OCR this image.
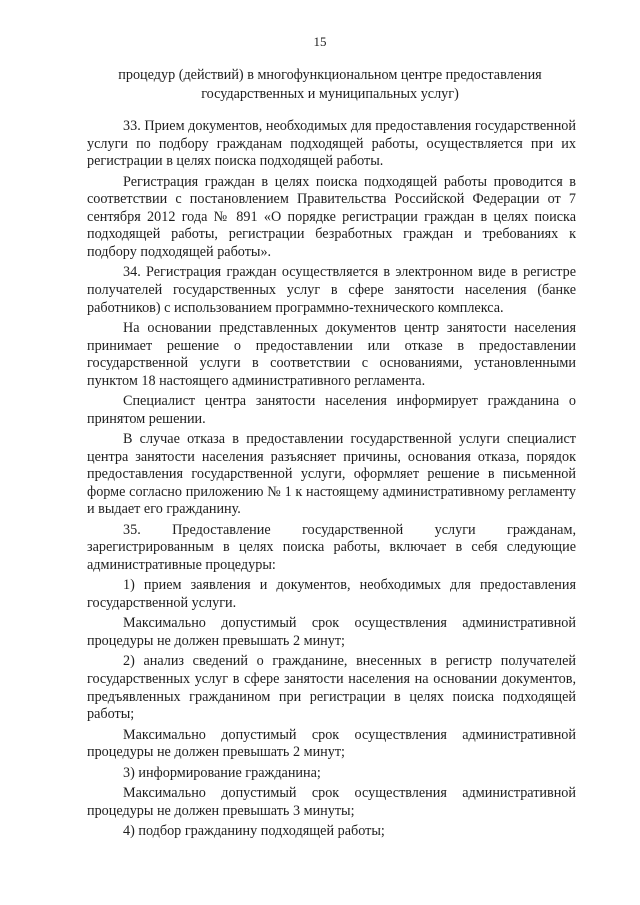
15
процедур (действий) в многофункциональном центре предоставления
государственных и муниципальных услуг)

33. Прием документов, необходимых для предоставления государственной услуги по подбору гражданам подходящей работы, осуществляется при их регистрации в целях поиска подходящей работы.

Регистрация граждан в целях поиска подходящей работы проводится в соответствии с постановлением Правительства Российской Федерации от 7 сентября 2012 года № 891 «О порядке регистрации граждан в целях поиска подходящей работы, регистрации безработных граждан и требованиях к подбору подходящей работы».

34. Регистрация граждан осуществляется в электронном виде в регистре получателей государственных услуг в сфере занятости населения (банке работников) с использованием программно-технического комплекса.

На основании представленных документов центр занятости населения принимает решение о предоставлении или отказе в предоставлении государственной услуги в соответствии с основаниями, установленными пунктом 18 настоящего административного регламента.

Специалист центра занятости населения информирует гражданина о принятом решении.

В случае отказа в предоставлении государственной услуги специалист центра занятости населения разъясняет причины, основания отказа, порядок предоставления государственной услуги, оформляет решение в письменной форме согласно приложению № 1 к настоящему административному регламенту и выдает его гражданину.

35. Предоставление государственной услуги гражданам, зарегистрированным в целях поиска работы, включает в себя следующие административные процедуры:

1) прием заявления и документов, необходимых для предоставления государственной услуги.

Максимально допустимый срок осуществления административной процедуры не должен превышать 2 минут;

2) анализ сведений о гражданине, внесенных в регистр получателей государственных услуг в сфере занятости населения на основании документов, предъявленных гражданином при регистрации в целях поиска подходящей работы;

Максимально допустимый срок осуществления административной процедуры не должен превышать 2 минут;

3) информирование гражданина;

Максимально допустимый срок осуществления административной процедуры не должен превышать 3 минуты;

4) подбор гражданину подходящей работы;
